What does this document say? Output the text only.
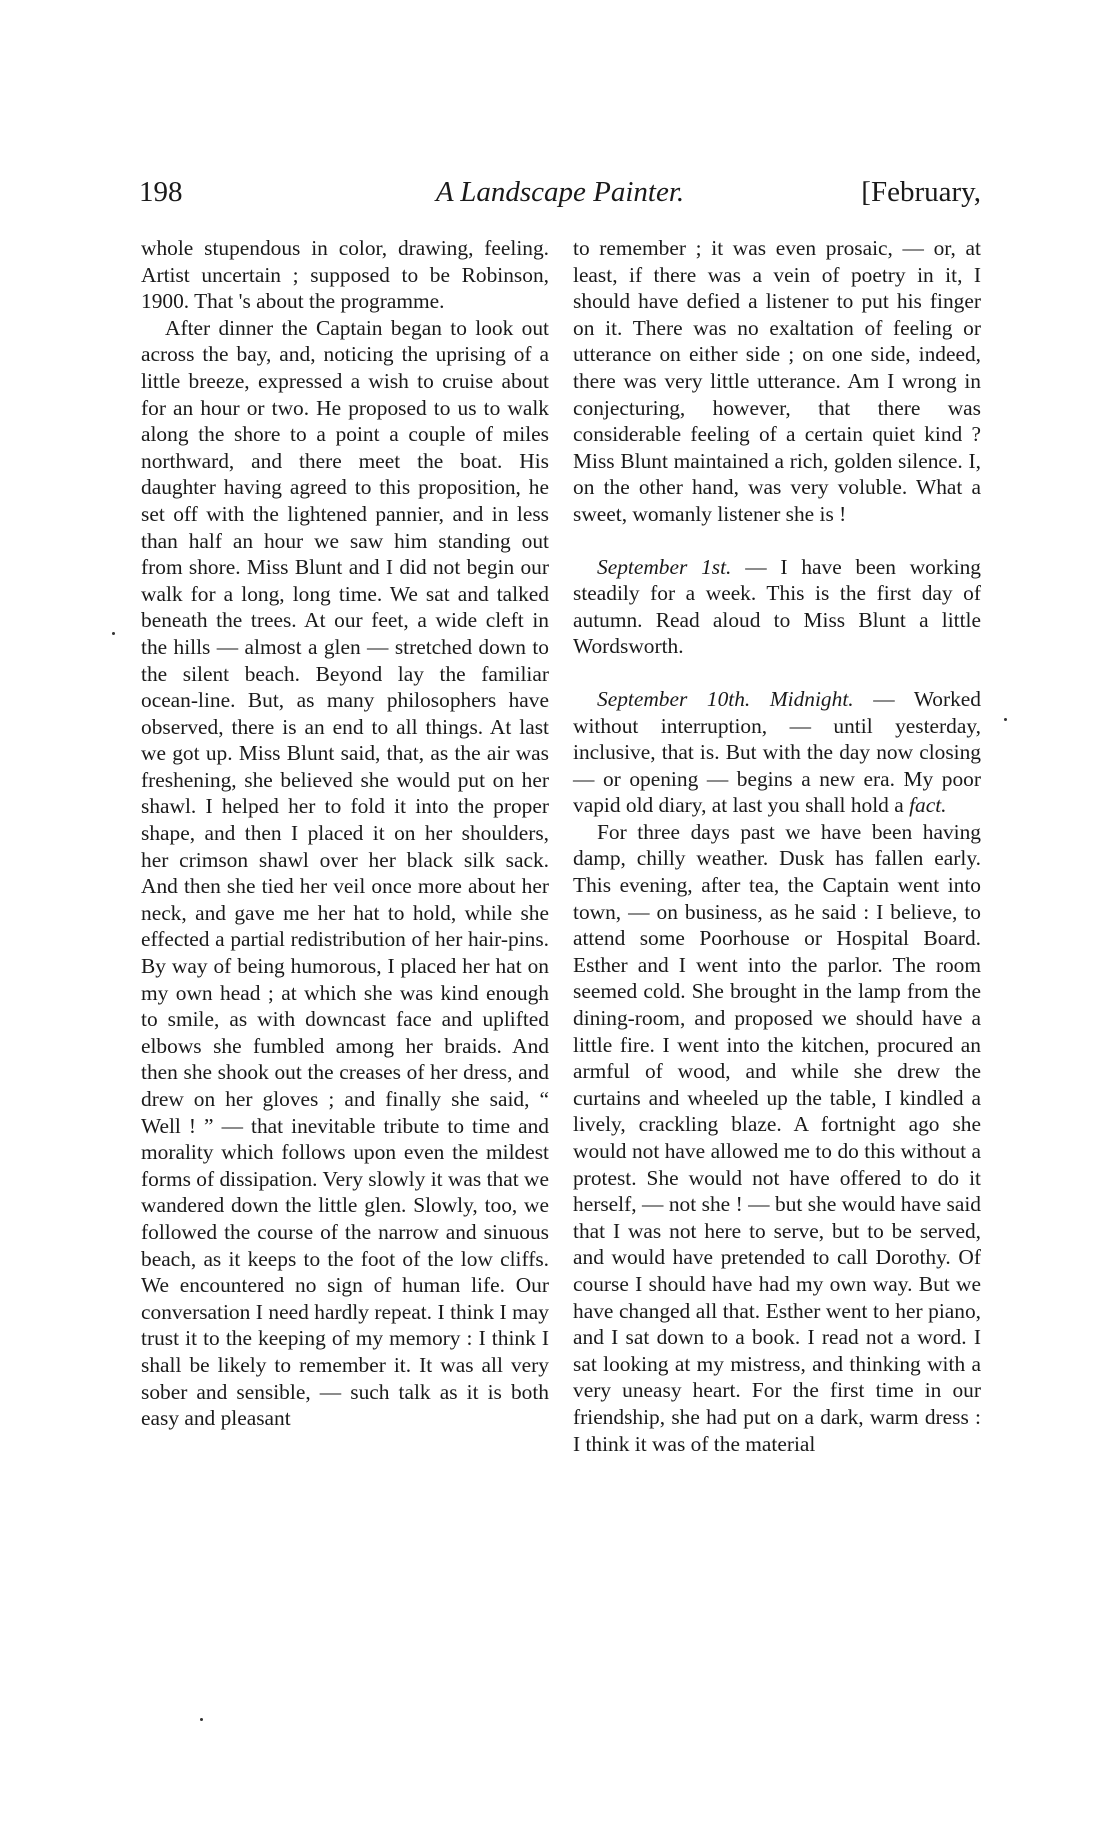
198	A Landscape Painter.	[February,

whole stupendous in color, drawing, feeling. Artist uncertain ; supposed to be Robinson, 1900. That 's about the programme.

After dinner the Captain began to look out across the bay, and, noticing the uprising of a little breeze, expressed a wish to cruise about for an hour or two. He proposed to us to walk along the shore to a point a couple of miles northward, and there meet the boat. His daughter having agreed to this proposition, he set off with the lightened pannier, and in less than half an hour we saw him standing out from shore. Miss Blunt and I did not begin our walk for a long, long time. We sat and talked beneath the trees. At our feet, a wide cleft in the hills — almost a glen — stretched down to the silent beach. Beyond lay the familiar ocean-line. But, as many philosophers have observed, there is an end to all things. At last we got up. Miss Blunt said, that, as the air was freshening, she believed she would put on her shawl. I helped her to fold it into the proper shape, and then I placed it on her shoulders, her crimson shawl over her black silk sack. And then she tied her veil once more about her neck, and gave me her hat to hold, while she effected a partial redistribution of her hair-pins. By way of being humorous, I placed her hat on my own head ; at which she was kind enough to smile, as with downcast face and uplifted elbows she fumbled among her braids. And then she shook out the creases of her dress, and drew on her gloves ; and finally she said, “ Well ! ” — that inevitable tribute to time and morality which follows upon even the mildest forms of dissipation. Very slowly it was that we wandered down the little glen. Slowly, too, we followed the course of the narrow and sinuous beach, as it keeps to the foot of the low cliffs. We encountered no sign of human life. Our conversation I need hardly repeat. I think I may trust it to the keeping of my memory : I think I shall be likely to remember it. It was all very sober and sensible, — such talk as it is both easy and pleasant

to remember ; it was even prosaic, — or, at least, if there was a vein of poetry in it, I should have defied a listener to put his finger on it. There was no exaltation of feeling or utterance on either side ; on one side, indeed, there was very little utterance. Am I wrong in conjecturing, however, that there was considerable feeling of a certain quiet kind ? Miss Blunt maintained a rich, golden silence. I, on the other hand, was very voluble. What a sweet, womanly listener she is !

September 1st. — I have been working steadily for a week. This is the first day of autumn. Read aloud to Miss Blunt a little Wordsworth.

September 10th. Midnight. — Worked without interruption, — until yesterday, inclusive, that is. But with the day now closing — or opening — begins a new era. My poor vapid old diary, at last you shall hold a fact.

For three days past we have been having damp, chilly weather. Dusk has fallen early. This evening, after tea, the Captain went into town, — on business, as he said : I believe, to attend some Poorhouse or Hospital Board. Esther and I went into the parlor. The room seemed cold. She brought in the lamp from the dining-room, and proposed we should have a little fire. I went into the kitchen, procured an armful of wood, and while she drew the curtains and wheeled up the table, I kindled a lively, crackling blaze. A fortnight ago she would not have allowed me to do this without a protest. She would not have offered to do it herself, — not she ! — but she would have said that I was not here to serve, but to be served, and would have pretended to call Dorothy. Of course I should have had my own way. But we have changed all that. Esther went to her piano, and I sat down to a book. I read not a word. I sat looking at my mistress, and thinking with a very uneasy heart. For the first time in our friendship, she had put on a dark, warm dress : I think it was of the material
